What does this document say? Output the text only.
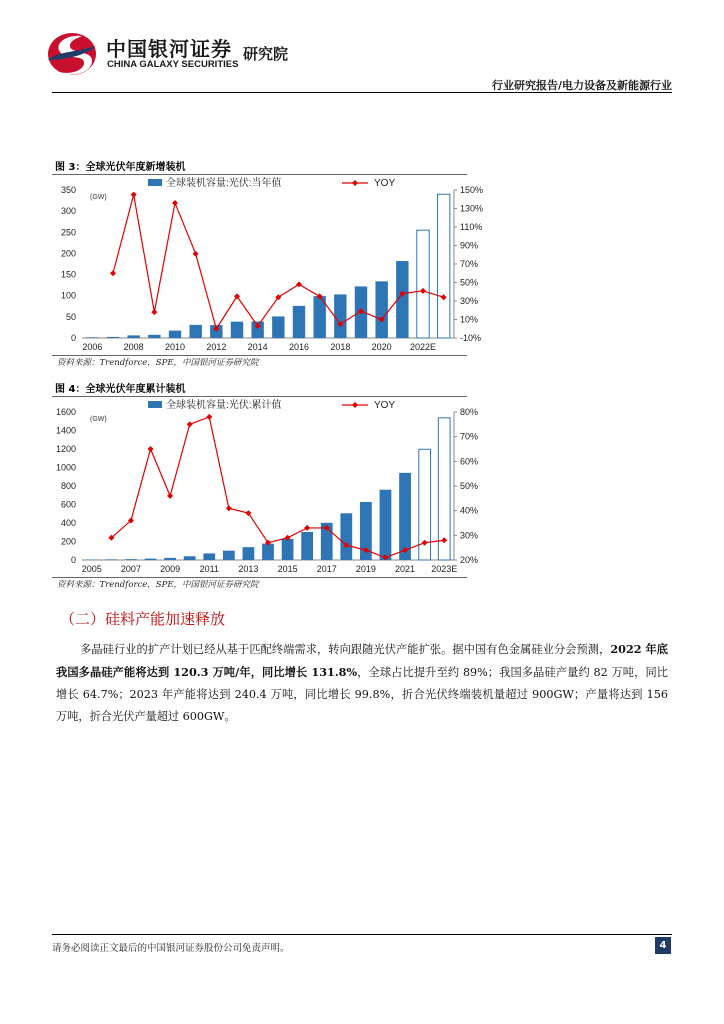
中国银河证券
CHINA GALAXY SECURITIES
研究院
行业研究报告/电力设备及新能源行业
图 3：全球光伏年度新增装机
0
50
100
150
200
250
300
350
-10%
10%
30%
50%
70%
90%
110%
130%
150%
(GW)
2006 2008 2010 2012 2014 2016 2018 2020 2022E
全球装机容量:光伏:当年值	YOY
资料来源：Trendforce，SPE，中国银河证券研究院
图 4：全球光伏年度累计装机
0
200
400
600
800
1000
1200
1400
1600
20%
30%
40%
50%
60%
70%
80%
(GW)
2005 2007 2009 2011 2013 2015 2017 2019 2021 2023E
全球装机容量:光伏:累计值	YOY
资料来源：Trendforce，SPE，中国银河证券研究院
（二）硅料产能加速释放
多晶硅行业的扩产计划已经从基于匹配终端需求，转向跟随光伏产能扩张。据中国有色金属硅业分会预测，2022 年底我国多晶硅产能将达到 120.3 万吨/年，同比增长 131.8%，全球占比提升至约 89%；我国多晶硅产量约 82 万吨，同比增长 64.7%；2023 年产能将达到 240.4 万吨，同比增长 99.8%，折合光伏终端装机量超过 900GW；产量将达到 156 万吨，折合光伏产量超过 600GW。
请务必阅读正文最后的中国银河证券股份公司免责声明。	4
